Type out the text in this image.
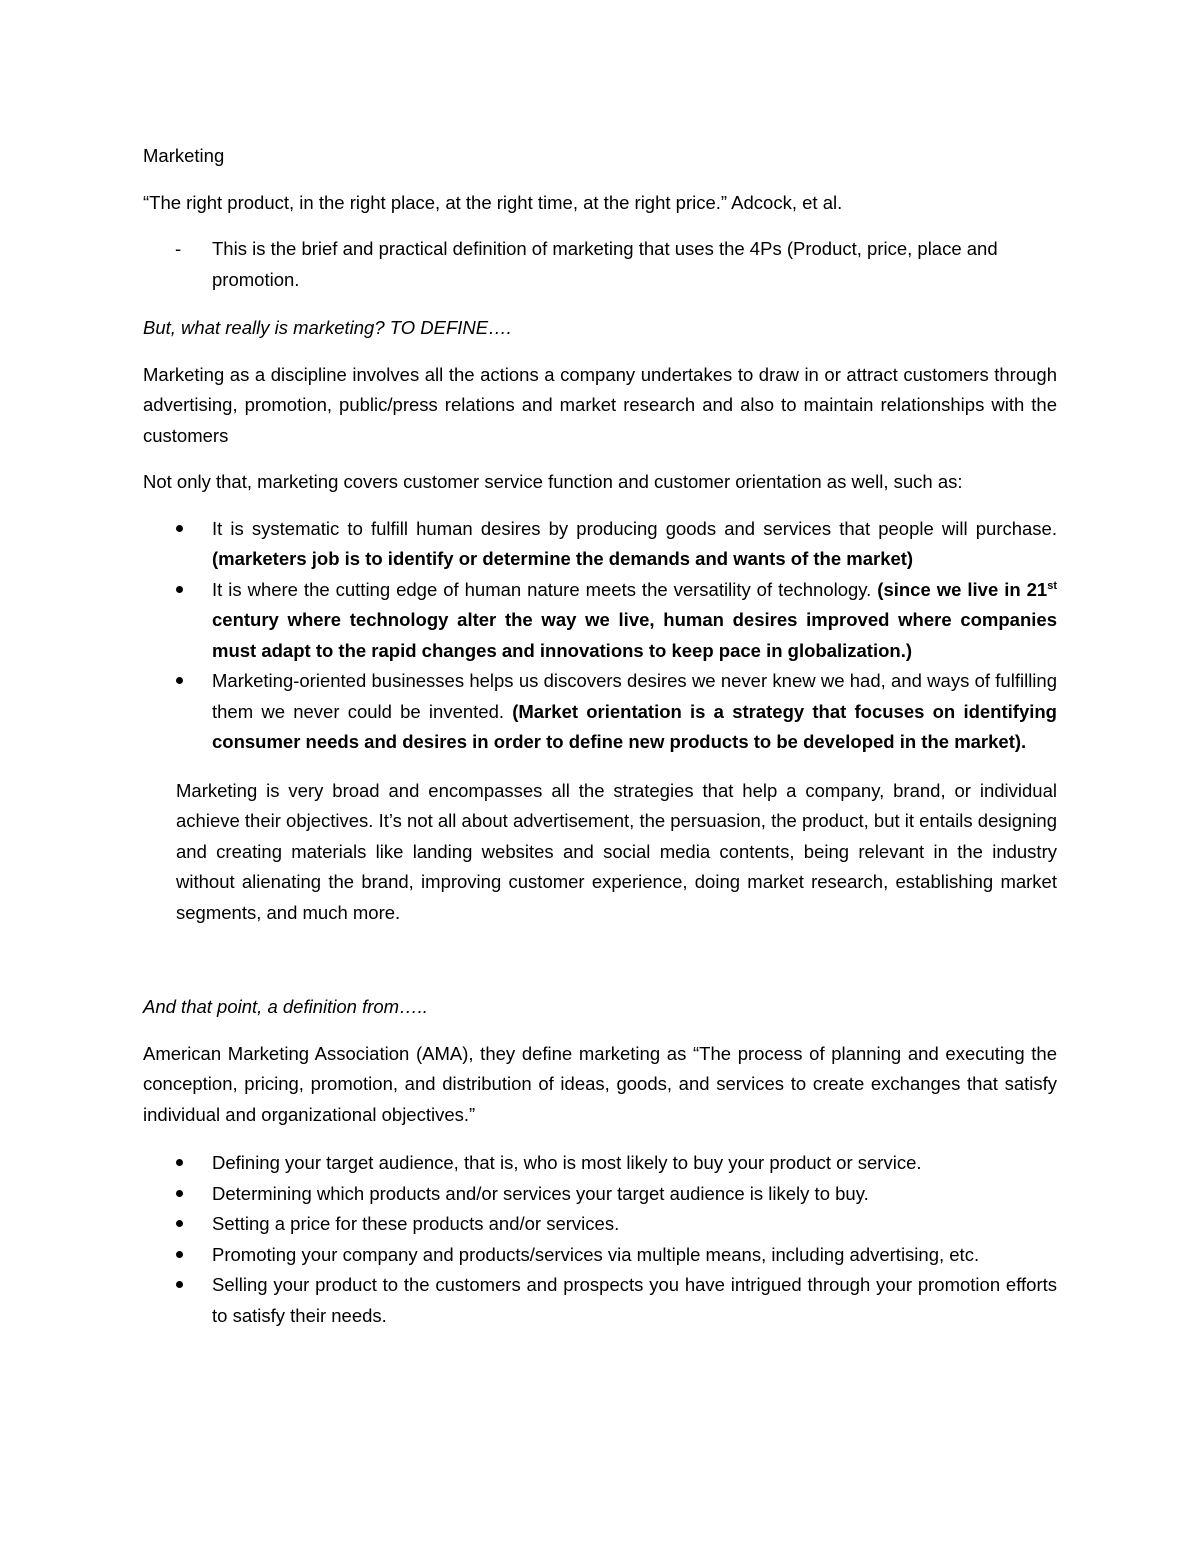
Marketing

“The right product, in the right place, at the right time, at the right price.” Adcock, et al.

- This is the brief and practical definition of marketing that uses the 4Ps (Product, price, place and promotion.

But, what really is marketing? TO DEFINE….

Marketing as a discipline involves all the actions a company undertakes to draw in or attract customers through advertising, promotion, public/press relations and market research and also to maintain relationships with the customers

Not only that, marketing covers customer service function and customer orientation as well, such as:

It is systematic to fulfill human desires by producing goods and services that people will purchase. (marketers job is to identify or determine the demands and wants of the market)
It is where the cutting edge of human nature meets the versatility of technology. (since we live in 21st century where technology alter the way we live, human desires improved where companies must adapt to the rapid changes and innovations to keep pace in globalization.)
Marketing-oriented businesses helps us discovers desires we never knew we had, and ways of fulfilling them we never could be invented. (Market orientation is a strategy that focuses on identifying consumer needs and desires in order to define new products to be developed in the market).

Marketing is very broad and encompasses all the strategies that help a company, brand, or individual achieve their objectives. It’s not all about advertisement, the persuasion, the product, but it entails designing and creating materials like landing websites and social media contents, being relevant in the industry without alienating the brand, improving customer experience, doing market research, establishing market segments, and much more.

And that point, a definition from…..

American Marketing Association (AMA), they define marketing as “The process of planning and executing the conception, pricing, promotion, and distribution of ideas, goods, and services to create exchanges that satisfy individual and organizational objectives.”

Defining your target audience, that is, who is most likely to buy your product or service.
Determining which products and/or services your target audience is likely to buy.
Setting a price for these products and/or services.
Promoting your company and products/services via multiple means, including advertising, etc.
Selling your product to the customers and prospects you have intrigued through your promotion efforts to satisfy their needs.
